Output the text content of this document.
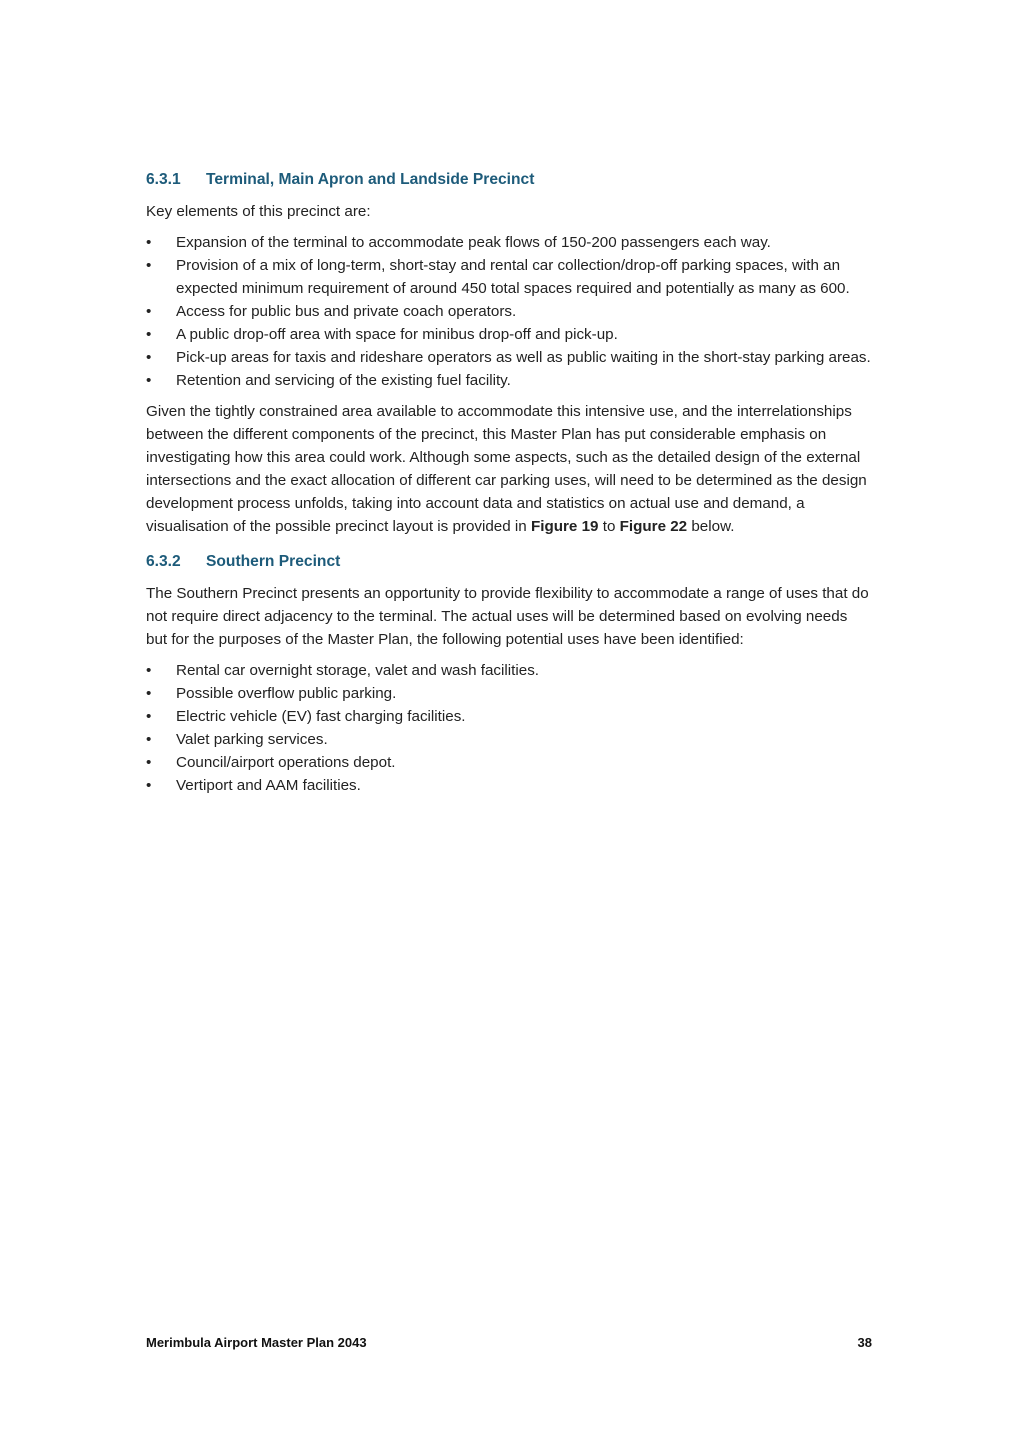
6.3.1	Terminal, Main Apron and Landside Precinct

Key elements of this precinct are:

•	Expansion of the terminal to accommodate peak flows of 150-200 passengers each way.
•	Provision of a mix of long-term, short-stay and rental car collection/drop-off parking spaces, with an expected minimum requirement of around 450 total spaces required and potentially as many as 600.
•	Access for public bus and private coach operators.
•	A public drop-off area with space for minibus drop-off and pick-up.
•	Pick-up areas for taxis and rideshare operators as well as public waiting in the short-stay parking areas.
•	Retention and servicing of the existing fuel facility.

Given the tightly constrained area available to accommodate this intensive use, and the interrelationships between the different components of the precinct, this Master Plan has put considerable emphasis on investigating how this area could work. Although some aspects, such as the detailed design of the external intersections and the exact allocation of different car parking uses, will need to be determined as the design development process unfolds, taking into account data and statistics on actual use and demand, a visualisation of the possible precinct layout is provided in Figure 19 to Figure 22 below.

6.3.2	Southern Precinct

The Southern Precinct presents an opportunity to provide flexibility to accommodate a range of uses that do not require direct adjacency to the terminal. The actual uses will be determined based on evolving needs but for the purposes of the Master Plan, the following potential uses have been identified:

•	Rental car overnight storage, valet and wash facilities.
•	Possible overflow public parking.
•	Electric vehicle (EV) fast charging facilities.
•	Valet parking services.
•	Council/airport operations depot.
•	Vertiport and AAM facilities.
Merimbula Airport Master Plan 2043	38
